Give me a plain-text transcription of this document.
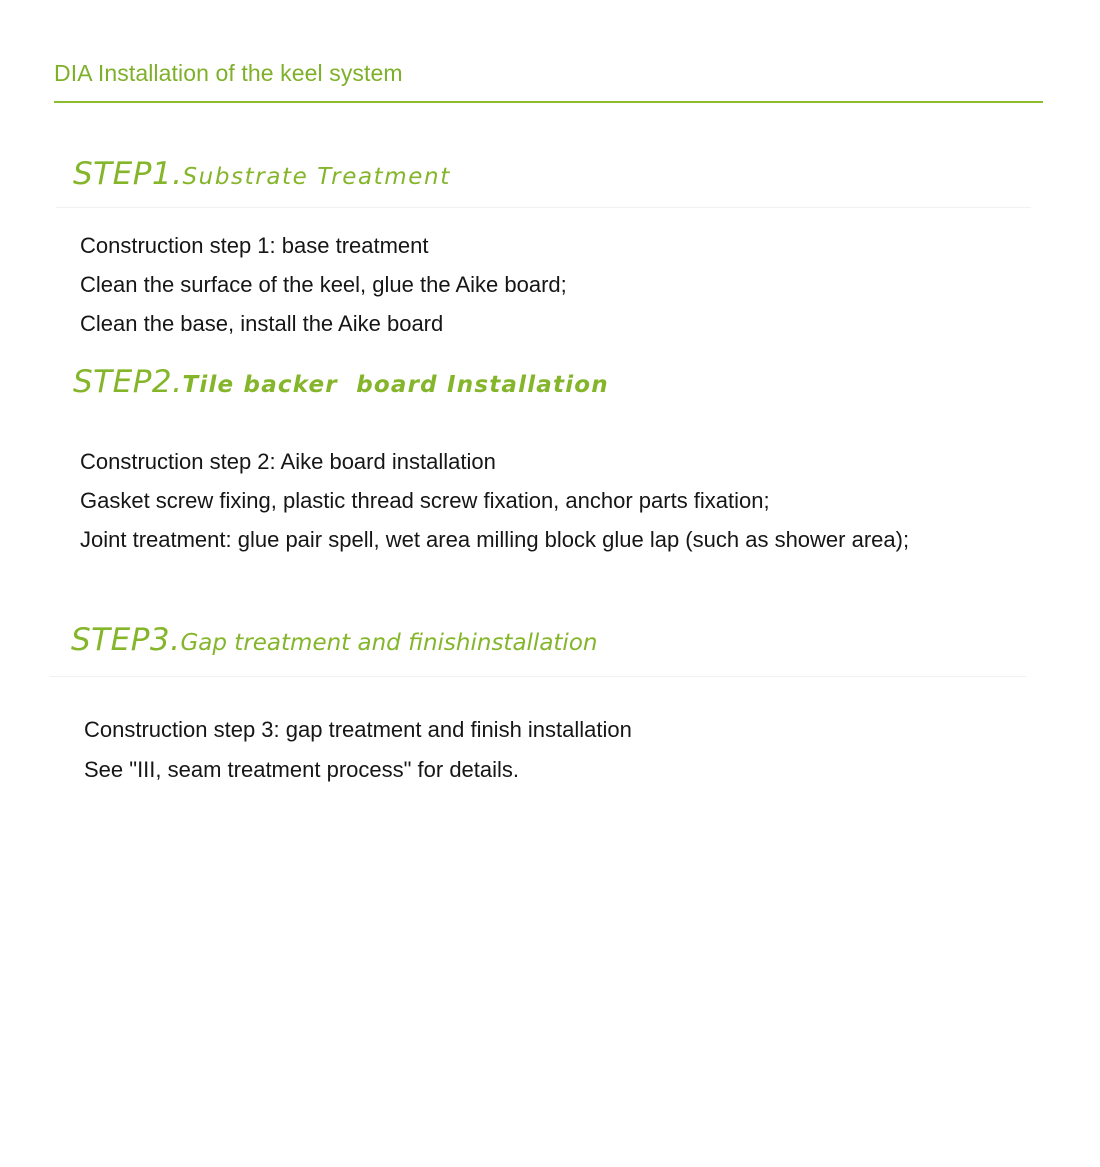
DIA Installation of the keel system
STEP1.Substrate Treatment
Construction step 1: base treatment
Clean the surface of the keel, glue the Aike board;
Clean the base, install the Aike board
STEP2.Tile backer  board Installation
Construction step 2: Aike board installation
Gasket screw fixing, plastic thread screw fixation, anchor parts fixation;
Joint treatment: glue pair spell, wet area milling block glue lap (such as shower area);
STEP3.Gap treatment and finishinstallation
Construction step 3: gap treatment and finish installation
See "III, seam treatment process" for details.
